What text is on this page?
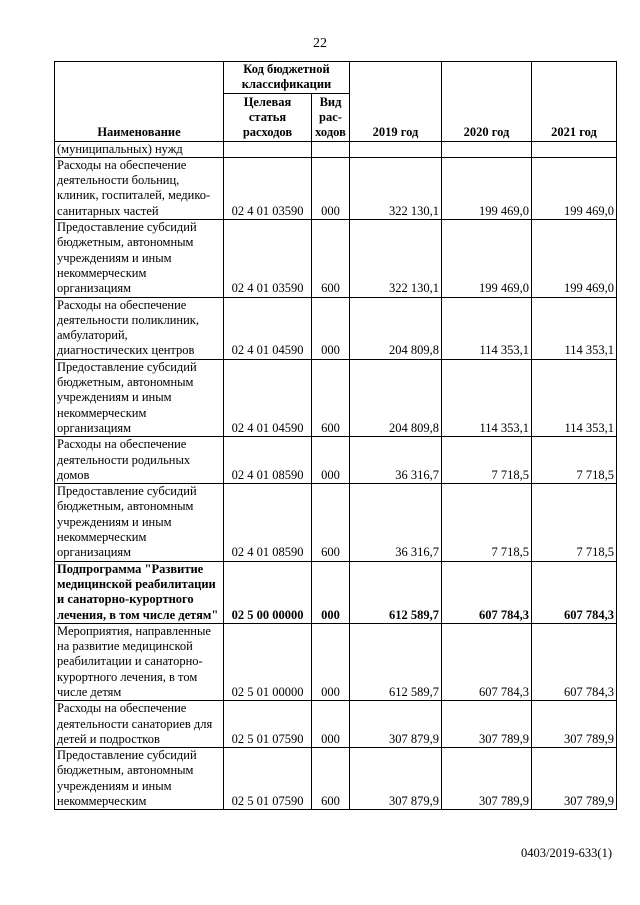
22
Наименование	Код бюджетной классификации		2019 год	2020 год	2021 год
	Целевая статья расходов	Вид рас-ходов			
(муниципальных) нужд					
Расходы на обеспечение деятельности больниц, клиник, госпиталей, медико-санитарных частей	02 4 01 03590	000	322 130,1	199 469,0	199 469,0
Предоставление субсидий бюджетным, автономным учреждениям и иным некоммерческим организациям	02 4 01 03590	600	322 130,1	199 469,0	199 469,0
Расходы на обеспечение деятельности поликлиник, амбулаторий, диагностических центров	02 4 01 04590	000	204 809,8	114 353,1	114 353,1
Предоставление субсидий бюджетным, автономным учреждениям и иным некоммерческим организациям	02 4 01 04590	600	204 809,8	114 353,1	114 353,1
Расходы на обеспечение деятельности родильных домов	02 4 01 08590	000	36 316,7	7 718,5	7 718,5
Предоставление субсидий бюджетным, автономным учреждениям и иным некоммерческим организациям	02 4 01 08590	600	36 316,7	7 718,5	7 718,5
Подпрограмма "Развитие медицинской реабилитации и санаторно-курортного лечения, в том числе детям"	02 5 00 00000	000	612 589,7	607 784,3	607 784,3
Мероприятия, направленные на развитие медицинской реабилитации и санаторно-курортного лечения, в том числе детям	02 5 01 00000	000	612 589,7	607 784,3	607 784,3
Расходы на обеспечение деятельности санаториев для детей и подростков	02 5 01 07590	000	307 879,9	307 789,9	307 789,9
Предоставление субсидий бюджетным, автономным учреждениям и иным некоммерческим	02 5 01 07590	600	307 879,9	307 789,9	307 789,9
0403/2019-633(1)
